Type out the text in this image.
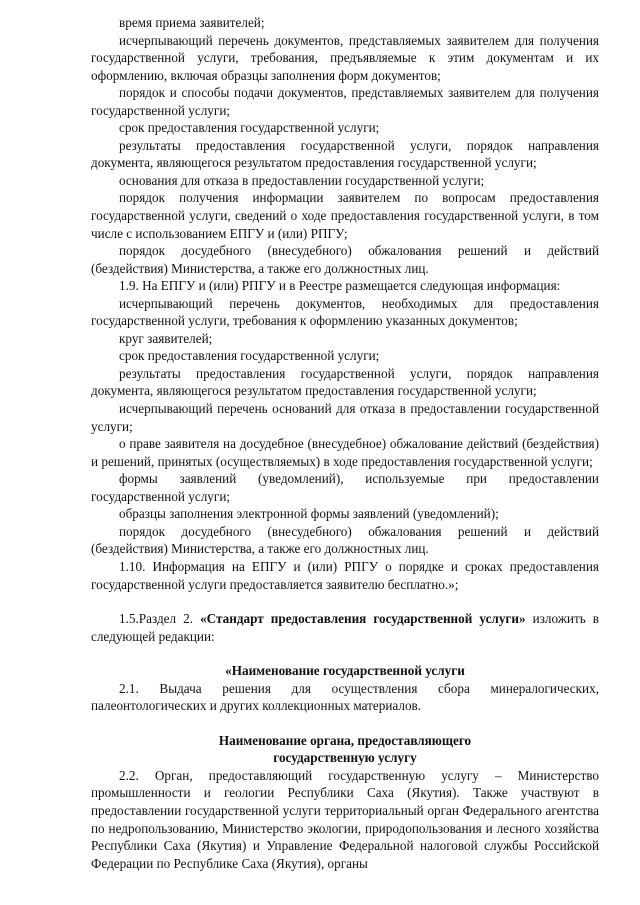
время приема заявителей;

исчерпывающий перечень документов, представляемых заявителем для получения государственной услуги, требования, предъявляемые к этим документам и их оформлению, включая образцы заполнения форм документов;

порядок и способы подачи документов, представляемых заявителем для получения государственной услуги;

срок предоставления государственной услуги;

результаты предоставления государственной услуги, порядок направления документа, являющегося результатом предоставления государственной услуги;

основания для отказа в предоставлении государственной услуги;

порядок получения информации заявителем по вопросам предоставления государственной услуги, сведений о ходе предоставления государственной услуги, в том числе с использованием ЕПГУ и (или) РПГУ;

порядок досудебного (внесудебного) обжалования решений и действий (бездействия) Министерства, а также его должностных лиц.

1.9. На ЕПГУ и (или) РПГУ и в Реестре размещается следующая информация:

исчерпывающий перечень документов, необходимых для предоставления государственной услуги, требования к оформлению указанных документов;

круг заявителей;

срок предоставления государственной услуги;

результаты предоставления государственной услуги, порядок направления документа, являющегося результатом предоставления государственной услуги;

исчерпывающий перечень оснований для отказа в предоставлении государственной услуги;

о праве заявителя на досудебное (внесудебное) обжалование действий (бездействия) и решений, принятых (осуществляемых) в ходе предоставления государственной услуги;

формы заявлений (уведомлений), используемые при предоставлении государственной услуги;

образцы заполнения электронной формы заявлений (уведомлений);

порядок досудебного (внесудебного) обжалования решений и действий (бездействия) Министерства, а также его должностных лиц.

1.10. Информация на ЕПГУ и (или) РПГУ о порядке и сроках предоставления государственной услуги предоставляется заявителю бесплатно.»;

1.5.Раздел 2. «Стандарт предоставления государственной услуги» изложить в следующей редакции:

«Наименование государственной услуги

2.1. Выдача решения для осуществления сбора минералогических, палеонтологических и других коллекционных материалов.

Наименование органа, предоставляющего

государственную услугу

2.2. Орган, предоставляющий государственную услугу – Министерство промышленности и геологии Республики Саха (Якутия). Также участвуют в предоставлении государственной услуги территориальный орган Федерального агентства по недропользованию, Министерство экологии, природопользования и лесного хозяйства Республики Саха (Якутия) и Управление Федеральной налоговой службы Российской Федерации по Республике Саха (Якутия), органы
